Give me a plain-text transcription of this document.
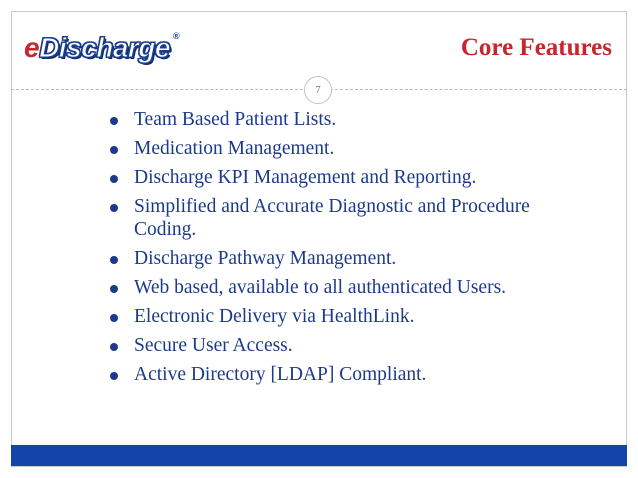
eDischarge ®	Core Features
7
Team Based Patient Lists.
Medication Management.
Discharge KPI Management and Reporting.
Simplified and Accurate Diagnostic and Procedure Coding.
Discharge Pathway Management.
Web based, available to all authenticated Users.
Electronic Delivery via HealthLink.
Secure User Access.
Active Directory [LDAP] Compliant.
